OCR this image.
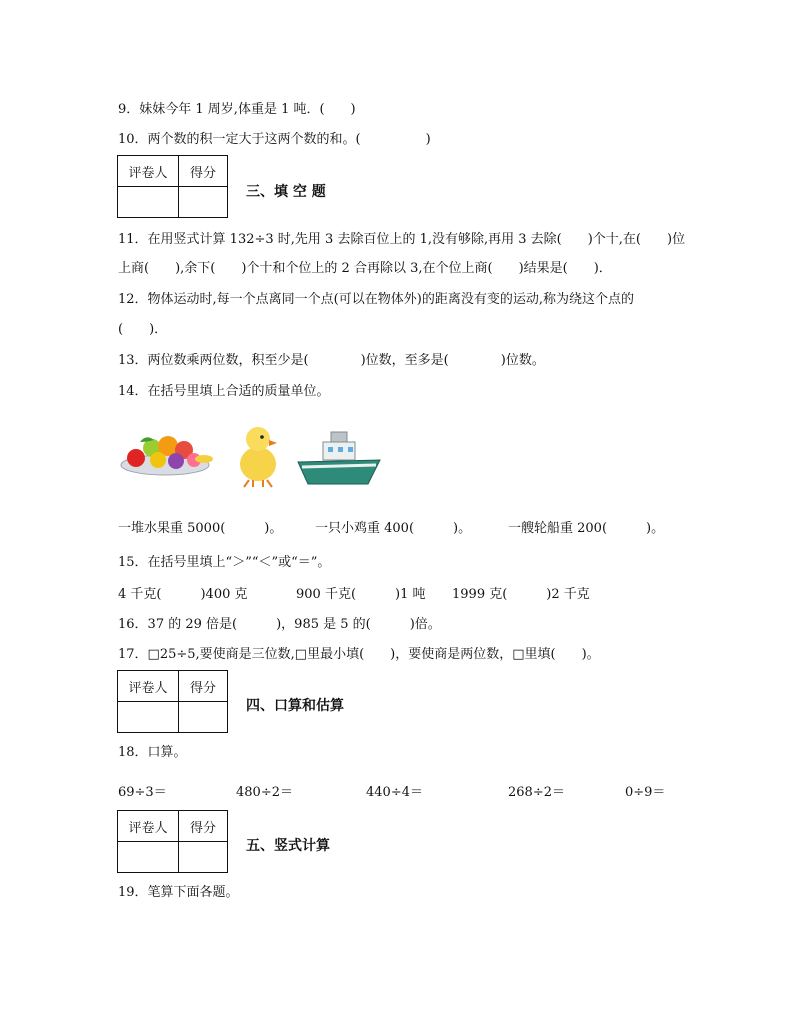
9．妹妹今年 1 周岁,体重是 1 吨．(　　)
10．两个数的积一定大于这两个数的和。(　　　　　)
评卷人	得分

三、填 空 题
11．在用竖式计算 132÷3 时,先用 3 去除百位上的 1,没有够除,再用 3 去除(　　)个十,在(　　)位
上商(　　),余下(　　)个十和个位上的 2 合再除以 3,在个位上商(　　)结果是(　　)．
12．物体运动时,每一个点离同一个点(可以在物体外)的距离没有变的运动,称为绕这个点的
(　　)．
13．两位数乘两位数，积至少是(　　　　)位数，至多是(　　　　)位数。
14．在括号里填上合适的质量单位。
一堆水果重 5000(　　　)。	一只小鸡重 400(　　　)。	一艘轮船重 200(　　　)。
15．在括号里填上“＞”“＜”或“＝”。
4 千克(　　　)400 克	900 千克(　　　)1 吨 1999 克(　　　)2 千克
16．37 的 29 倍是(　　　)，985 是 5 的(　　　)倍。
17．□25÷5,要使商是三位数,□里最小填(　　)，要使商是两位数，□里填(　　)。
评卷人	得分

四、口算和估算
18．口算。
69÷3＝	480÷2＝	440÷4＝	268÷2＝	0÷9＝
评卷人	得分

五、竖式计算
19．笔算下面各题。
